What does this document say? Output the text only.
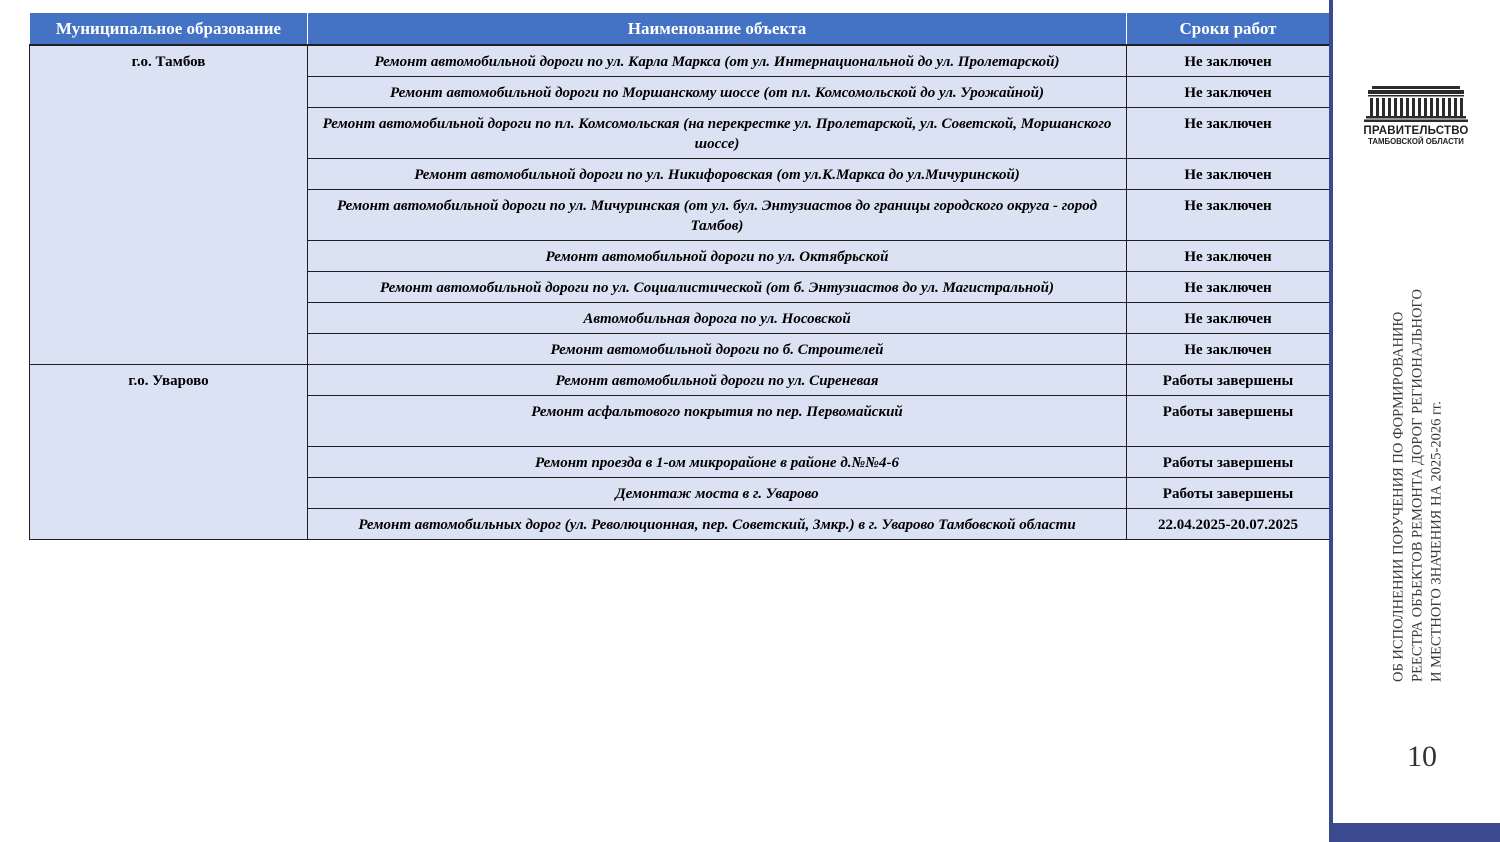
Муниципальное образование	Наименование объекта	Сроки работ
г.о. Тамбов	Ремонт автомобильной дороги по ул. Карла Маркса (от ул. Интернациональной до ул. Пролетарской)	Не заключен
	Ремонт автомобильной дороги по Моршанскому шоссе (от пл. Комсомольской до ул. Урожайной)	Не заключен
	Ремонт автомобильной дороги по пл. Комсомольская (на перекрестке ул. Пролетарской, ул. Советской, Моршанского шоссе)	Не заключен
	Ремонт автомобильной дороги по ул. Никифоровская (от ул.К.Маркса до ул.Мичуринской)	Не заключен
	Ремонт автомобильной дороги по ул. Мичуринская (от ул. бул. Энтузиастов до границы городского округа - город Тамбов)	Не заключен
	Ремонт автомобильной дороги по ул. Октябрьской	Не заключен
	Ремонт автомобильной дороги по ул. Социалистической (от б. Энтузиастов до ул. Магистральной)	Не заключен
	Автомобильная дорога по ул. Носовской	Не заключен
	Ремонт автомобильной дороги по б. Строителей	Не заключен
г.о. Уварово	Ремонт автомобильной дороги по ул. Сиреневая	Работы завершены
	Ремонт асфальтового покрытия по пер. Первомайский	Работы завершены
	Ремонт проезда в 1-ом микрорайоне в районе д.№№4-6	Работы завершены
	Демонтаж моста в г. Уварово	Работы завершены
	Ремонт автомобильных дорог (ул. Революционная, пер. Советский, 3мкр.) в г. Уварово Тамбовской области	22.04.2025-20.07.2025
ПРАВИТЕЛЬСТВО
ТАМБОВСКОЙ ОБЛАСТИ
ОБ ИСПОЛНЕНИИ ПОРУЧЕНИЯ ПО ФОРМИРОВАНИЮ РЕЕСТРА ОБЪЕКТОВ РЕМОНТА ДОРОГ РЕГИОНАЛЬНОГО И МЕСТНОГО ЗНАЧЕНИЯ НА 2025-2026 гг.
10
